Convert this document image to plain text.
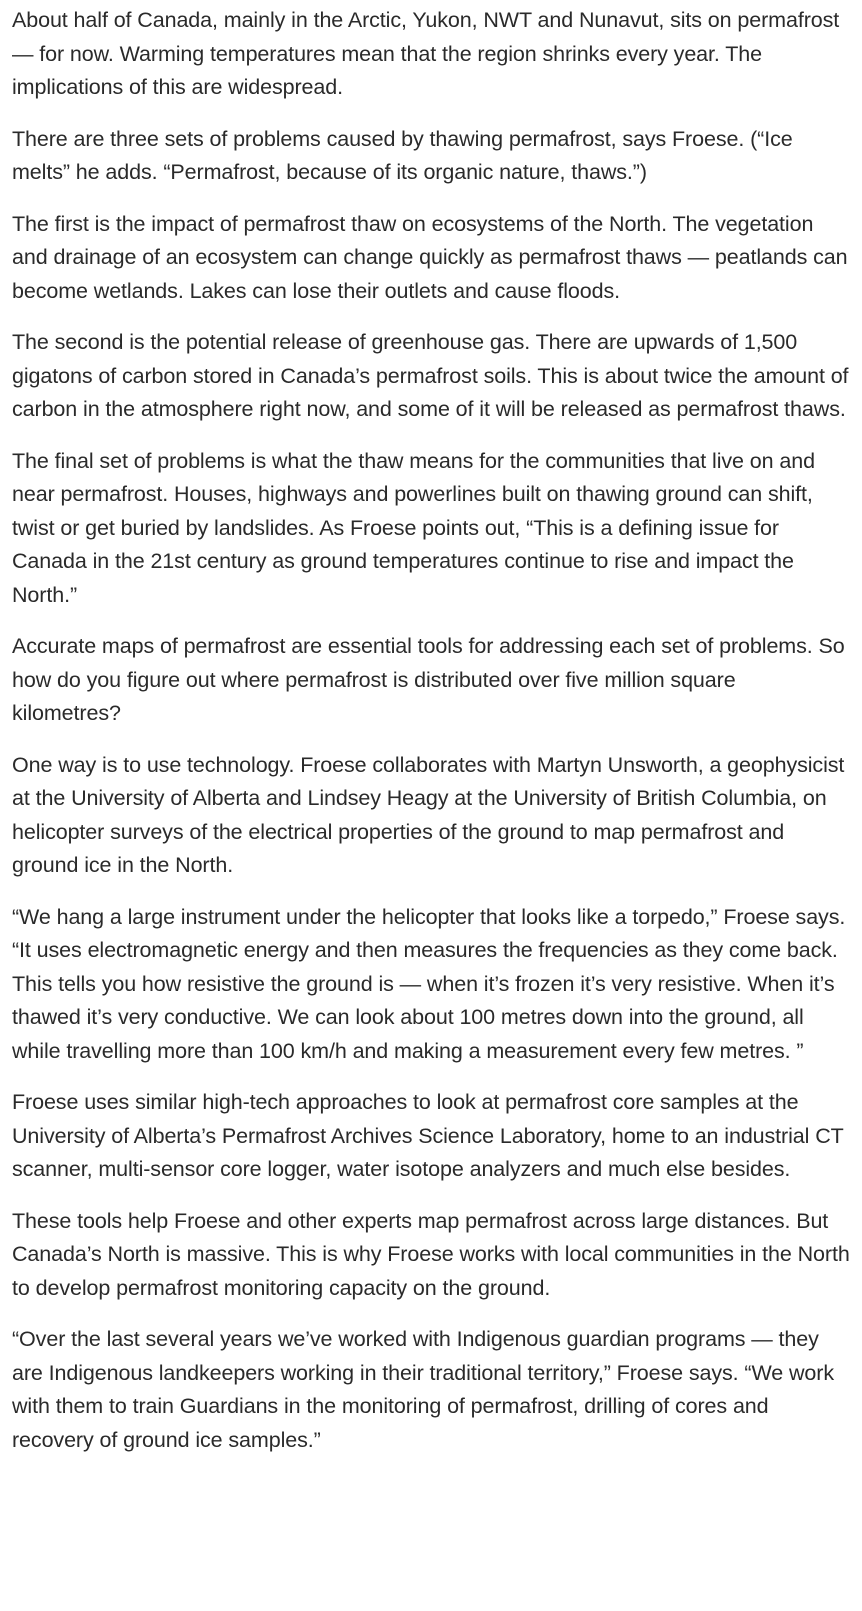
About half of Canada, mainly in the Arctic, Yukon, NWT and Nunavut, sits on permafrost — for now. Warming temperatures mean that the region shrinks every year. The implications of this are widespread.

There are three sets of problems caused by thawing permafrost, says Froese. (“Ice melts” he adds. “Permafrost, because of its organic nature, thaws.”)

The first is the impact of permafrost thaw on ecosystems of the North. The vegetation and drainage of an ecosystem can change quickly as permafrost thaws — peatlands can become wetlands. Lakes can lose their outlets and cause floods.

The second is the potential release of greenhouse gas. There are upwards of 1,500 gigatons of carbon stored in Canada’s permafrost soils. This is about twice the amount of carbon in the atmosphere right now, and some of it will be released as permafrost thaws.

The final set of problems is what the thaw means for the communities that live on and near permafrost. Houses, highways and powerlines built on thawing ground can shift, twist or get buried by landslides. As Froese points out, “This is a defining issue for Canada in the 21st century as ground temperatures continue to rise and impact the North.”

Accurate maps of permafrost are essential tools for addressing each set of problems. So how do you figure out where permafrost is distributed over five million square kilometres?

One way is to use technology. Froese collaborates with Martyn Unsworth, a geophysicist at the University of Alberta and Lindsey Heagy at the University of British Columbia, on helicopter surveys of the electrical properties of the ground to map permafrost and ground ice in the North.

“We hang a large instrument under the helicopter that looks like a torpedo,” Froese says. “It uses electromagnetic energy and then measures the frequencies as they come back. This tells you how resistive the ground is — when it’s frozen it’s very resistive. When it’s thawed it’s very conductive. We can look about 100 metres down into the ground, all while travelling more than 100 km/h and making a measurement every few metres. ”

Froese uses similar high-tech approaches to look at permafrost core samples at the University of Alberta’s Permafrost Archives Science Laboratory, home to an industrial CT scanner, multi-sensor core logger, water isotope analyzers and much else besides.

These tools help Froese and other experts map permafrost across large distances. But Canada’s North is massive. This is why Froese works with local communities in the North to develop permafrost monitoring capacity on the ground.

“Over the last several years we’ve worked with Indigenous guardian programs — they are Indigenous landkeepers working in their traditional territory,” Froese says. “We work with them to train Guardians in the monitoring of permafrost, drilling of cores and recovery of ground ice samples.”
